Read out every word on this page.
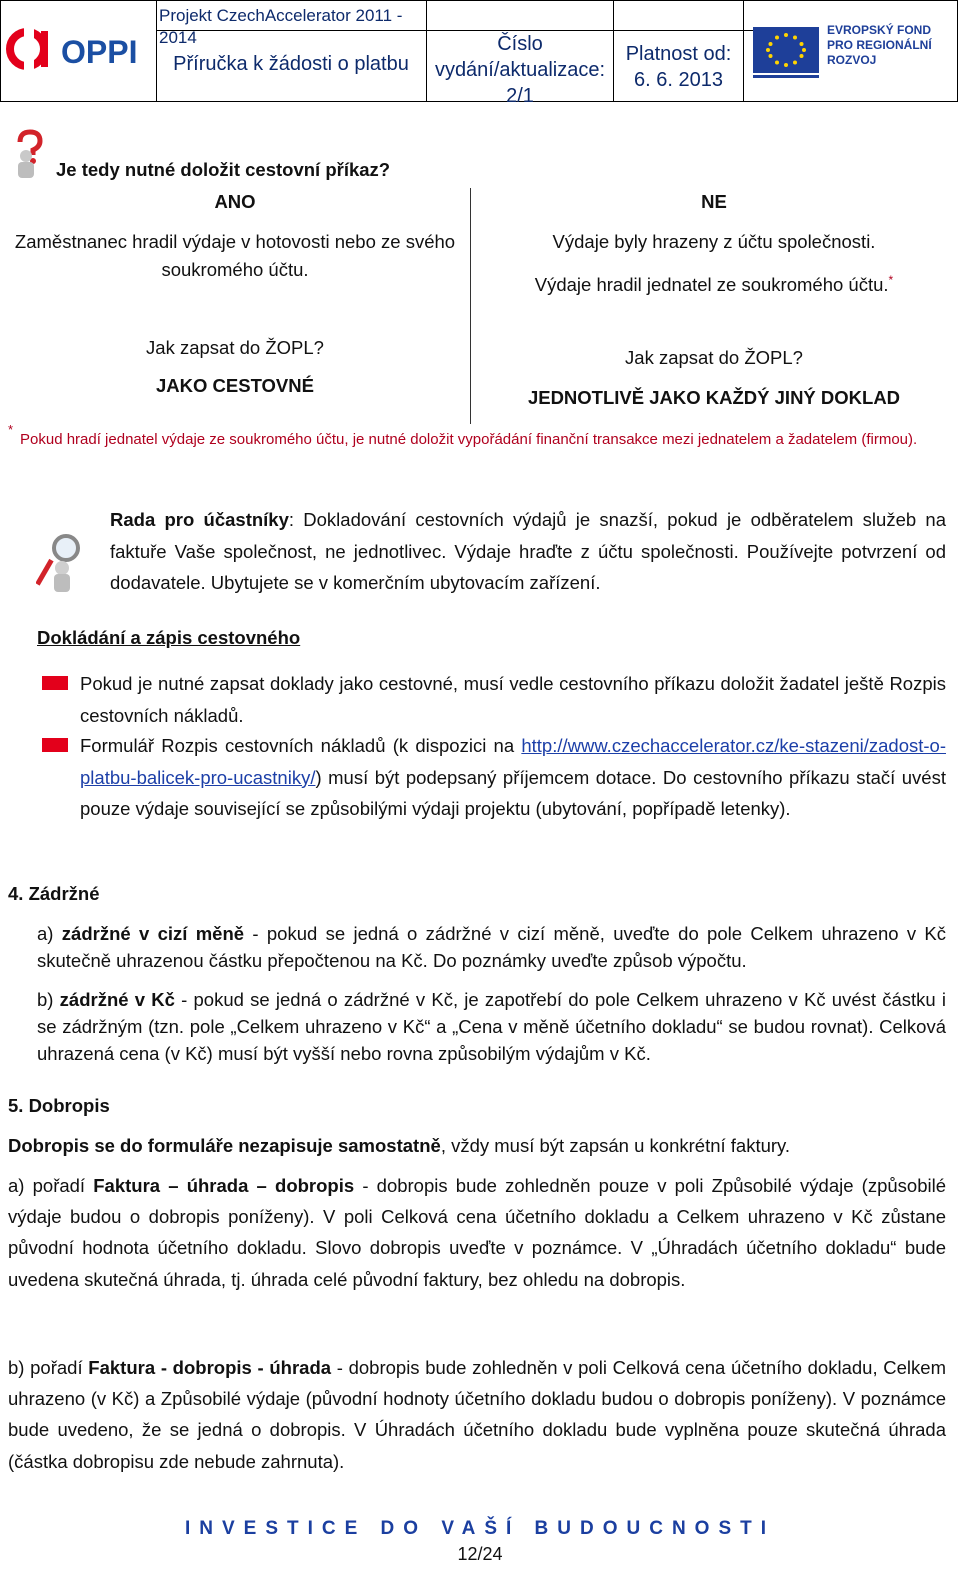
OPPI
Projekt CzechAccelerator 2011 - 2014
Příručka k žádosti o platbu
Číslo vydání/aktualizace: 2/1
Platnost od:
6. 6. 2013
EVROPSKÝ FOND
PRO REGIONÁLNÍ
ROZVOJ
Je tedy nutné doložit cestovní příkaz?
ANO
Zaměstnanec hradil výdaje v hotovosti nebo ze svého soukromého účtu.
Jak zapsat do ŽOPL?
JAKO CESTOVNÉ
NE
Výdaje byly hrazeny z účtu společnosti.
Výdaje hradil jednatel ze soukromého účtu.*
Jak zapsat do ŽOPL?
JEDNOTLIVĚ JAKO KAŽDÝ JINÝ DOKLAD
*
Pokud hradí jednatel výdaje ze soukromého účtu, je nutné doložit vypořádání finanční transakce mezi jednatelem a žadatelem (firmou).
Rada pro účastníky: Dokladování cestovních výdajů je snazší, pokud je odběratelem služeb na faktuře Vaše společnost, ne jednotlivec. Výdaje hraďte z účtu společnosti. Používejte potvrzení od dodavatele. Ubytujete se v komerčním ubytovacím zařízení.
Dokládání a zápis cestovného
Pokud je nutné zapsat doklady jako cestovné, musí vedle cestovního příkazu doložit žadatel ještě Rozpis cestovních nákladů.
Formulář Rozpis cestovních nákladů (k dispozici na http://www.czechaccelerator.cz/ke-stazeni/zadost-o-platbu-balicek-pro-ucastniky/) musí být podepsaný příjemcem dotace. Do cestovního příkazu stačí uvést pouze výdaje související se způsobilými výdaji projektu (ubytování, popřípadě letenky).
4. Zádržné
a) zádržné v cizí měně - pokud se jedná o zádržné v cizí měně, uveďte do pole Celkem uhrazeno v Kč skutečně uhrazenou částku přepočtenou na Kč. Do poznámky uveďte způsob výpočtu.
b) zádržné v Kč - pokud se jedná o zádržné v Kč, je zapotřebí do pole Celkem uhrazeno v Kč uvést částku i se zádržným (tzn. pole „Celkem uhrazeno v Kč“ a „Cena v měně účetního dokladu“ se budou rovnat). Celková uhrazená cena (v Kč) musí být vyšší nebo rovna způsobilým výdajům v Kč.
5. Dobropis
Dobropis se do formuláře nezapisuje samostatně, vždy musí být zapsán u konkrétní faktury.
a) pořadí Faktura – úhrada – dobropis - dobropis bude zohledněn pouze v poli Způsobilé výdaje (způsobilé výdaje budou o dobropis poníženy). V poli Celková cena účetního dokladu a Celkem uhrazeno v Kč zůstane původní hodnota účetního dokladu. Slovo dobropis uveďte v poznámce. V „Úhradách účetního dokladu“ bude uvedena skutečná úhrada, tj. úhrada celé původní faktury, bez ohledu na dobropis.
b) pořadí Faktura - dobropis - úhrada - dobropis bude zohledněn v poli Celková cena účetního dokladu, Celkem uhrazeno (v Kč) a Způsobilé výdaje (původní hodnoty účetního dokladu budou o dobropis poníženy). V poznámce bude uvedeno, že se jedná o dobropis. V Úhradách účetního dokladu bude vyplněna pouze skutečná úhrada (částka dobropisu zde nebude zahrnuta).
INVESTICE DO VAŠÍ BUDOUCNOSTI
12/24
